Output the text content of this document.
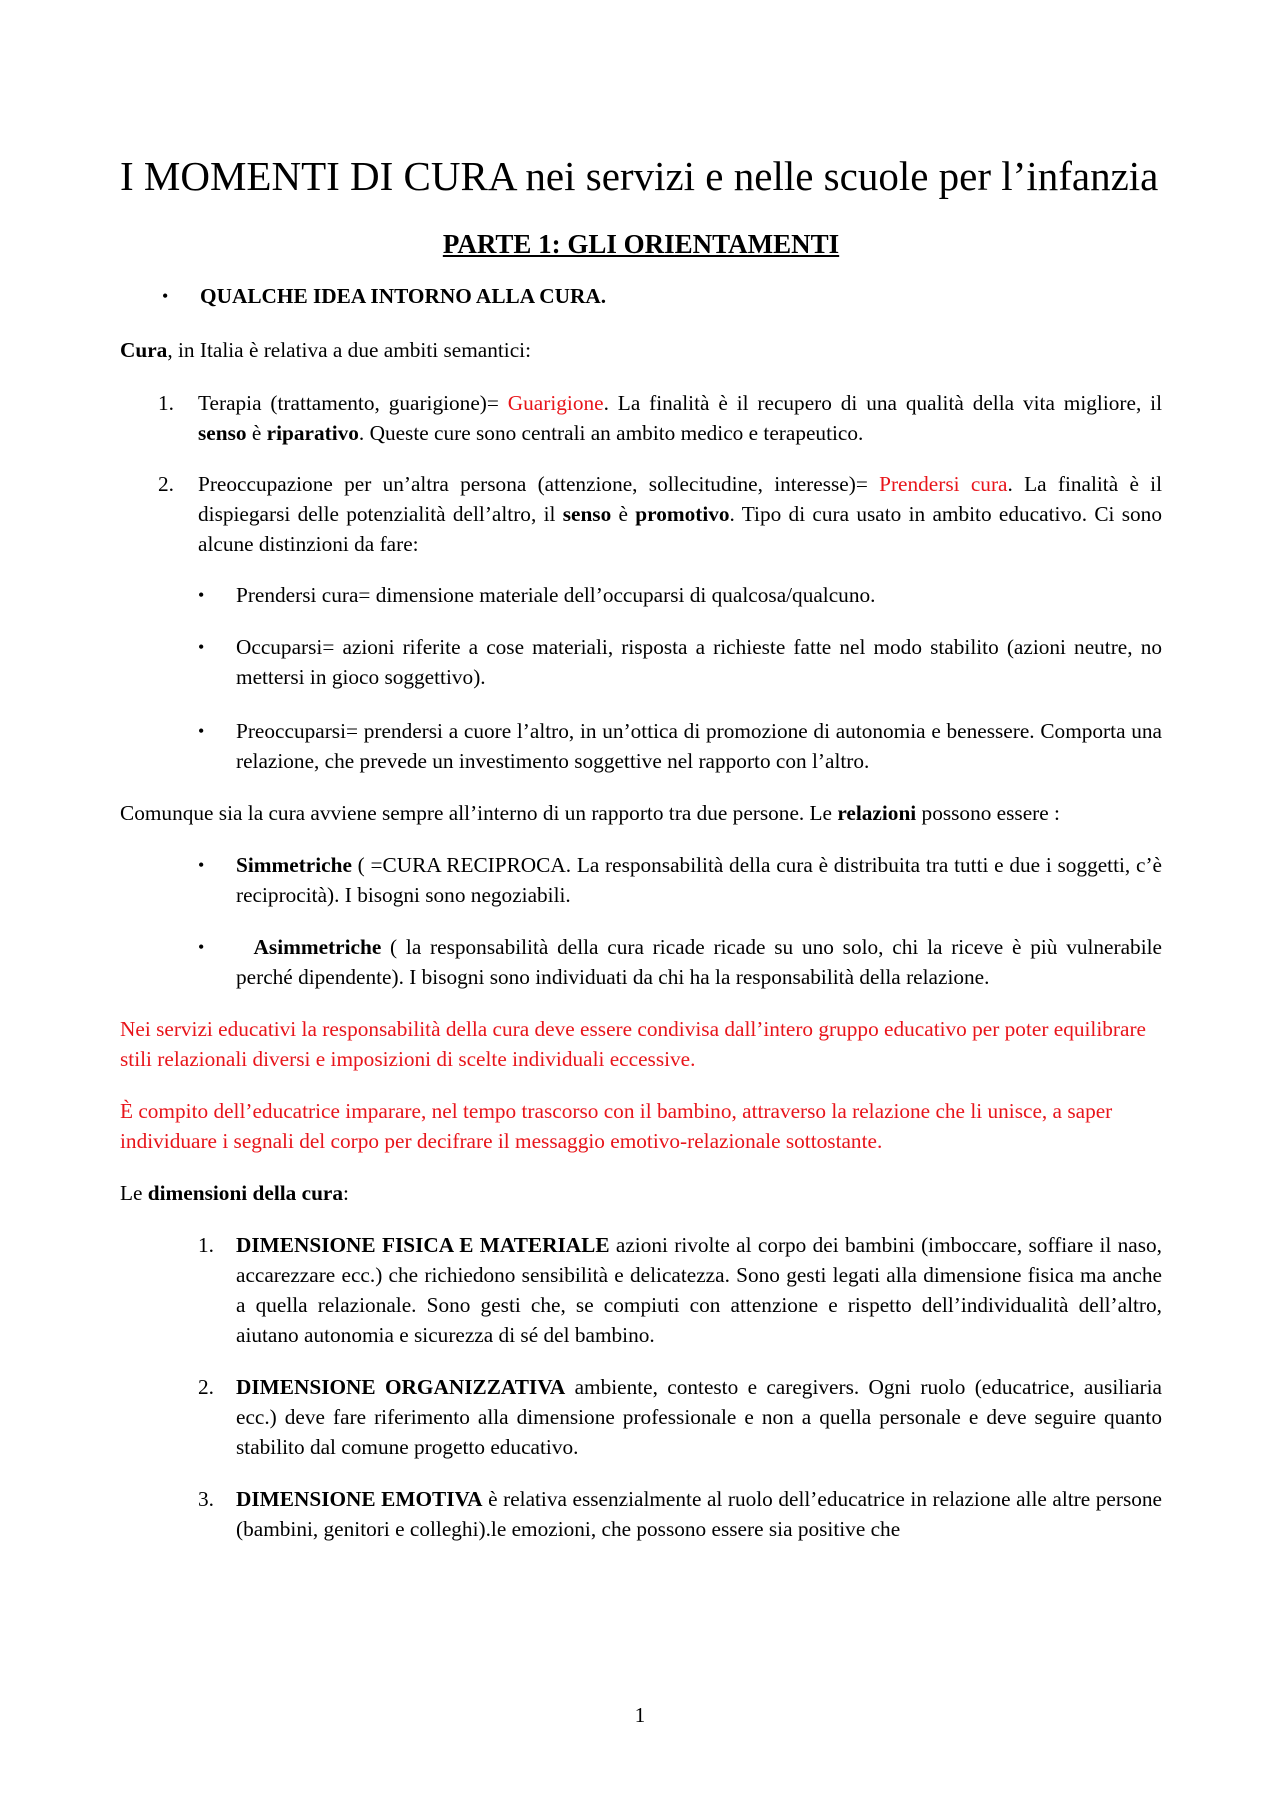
I MOMENTI DI CURA nei servizi e nelle scuole per l’infanzia
PARTE 1: GLI ORIENTAMENTI
•	QUALCHE IDEA INTORNO ALLA CURA.

Cura, in Italia è relativa a due ambiti semantici:

1.	Terapia (trattamento, guarigione)= Guarigione. La finalità è il recupero di una qualità della vita migliore, il senso è riparativo. Queste cure sono centrali an ambito medico e terapeutico.
2.	Preoccupazione per un’altra persona (attenzione, sollecitudine, interesse)= Prendersi cura. La finalità è il dispiegarsi delle potenzialità dell’altro, il senso è promotivo. Tipo di cura usato in ambito educativo. Ci sono alcune distinzioni da fare:
•	Prendersi cura= dimensione materiale dell’occuparsi di qualcosa/qualcuno.
•	Occuparsi= azioni riferite a cose materiali, risposta a richieste fatte nel modo stabilito (azioni neutre, no mettersi in gioco soggettivo).
•	Preoccuparsi= prendersi a cuore l’altro, in un’ottica di promozione di autonomia e benessere. Comporta una relazione, che prevede un investimento soggettive nel rapporto con l’altro.

Comunque sia la cura avviene sempre all’interno di un rapporto tra due persone. Le relazioni possono essere :

•	Simmetriche ( =CURA RECIPROCA. La responsabilità della cura è distribuita tra tutti e due i soggetti, c’è reciprocità). I bisogni sono negoziabili.
•	Asimmetriche ( la responsabilità della cura ricade ricade su uno solo, chi la riceve è più vulnerabile perché dipendente). I bisogni sono individuati da chi ha la responsabilità della relazione.

Nei servizi educativi la responsabilità della cura deve essere condivisa dall’intero gruppo educativo per poter equilibrare stili relazionali diversi e imposizioni di scelte individuali eccessive.

È compito dell’educatrice imparare, nel tempo trascorso con il bambino, attraverso la relazione che li unisce, a saper individuare i segnali del corpo per decifrare il messaggio emotivo-relazionale sottostante.

Le dimensioni della cura:

1.	DIMENSIONE FISICA E MATERIALE azioni rivolte al corpo dei bambini (imboccare, soffiare il naso, accarezzare ecc.) che richiedono sensibilità e delicatezza. Sono gesti legati alla dimensione fisica ma anche a quella relazionale. Sono gesti che, se compiuti con attenzione e rispetto dell’individualità dell’altro, aiutano autonomia e sicurezza di sé del bambino.
2.	DIMENSIONE ORGANIZZATIVA ambiente, contesto e caregivers. Ogni ruolo (educatrice, ausiliaria ecc.) deve fare riferimento alla dimensione professionale e non a quella personale e deve seguire quanto stabilito dal comune progetto educativo.
3.	DIMENSIONE EMOTIVA è relativa essenzialmente al ruolo dell’educatrice in relazione alle altre persone (bambini, genitori e colleghi).le emozioni, che possono essere sia positive che
1
